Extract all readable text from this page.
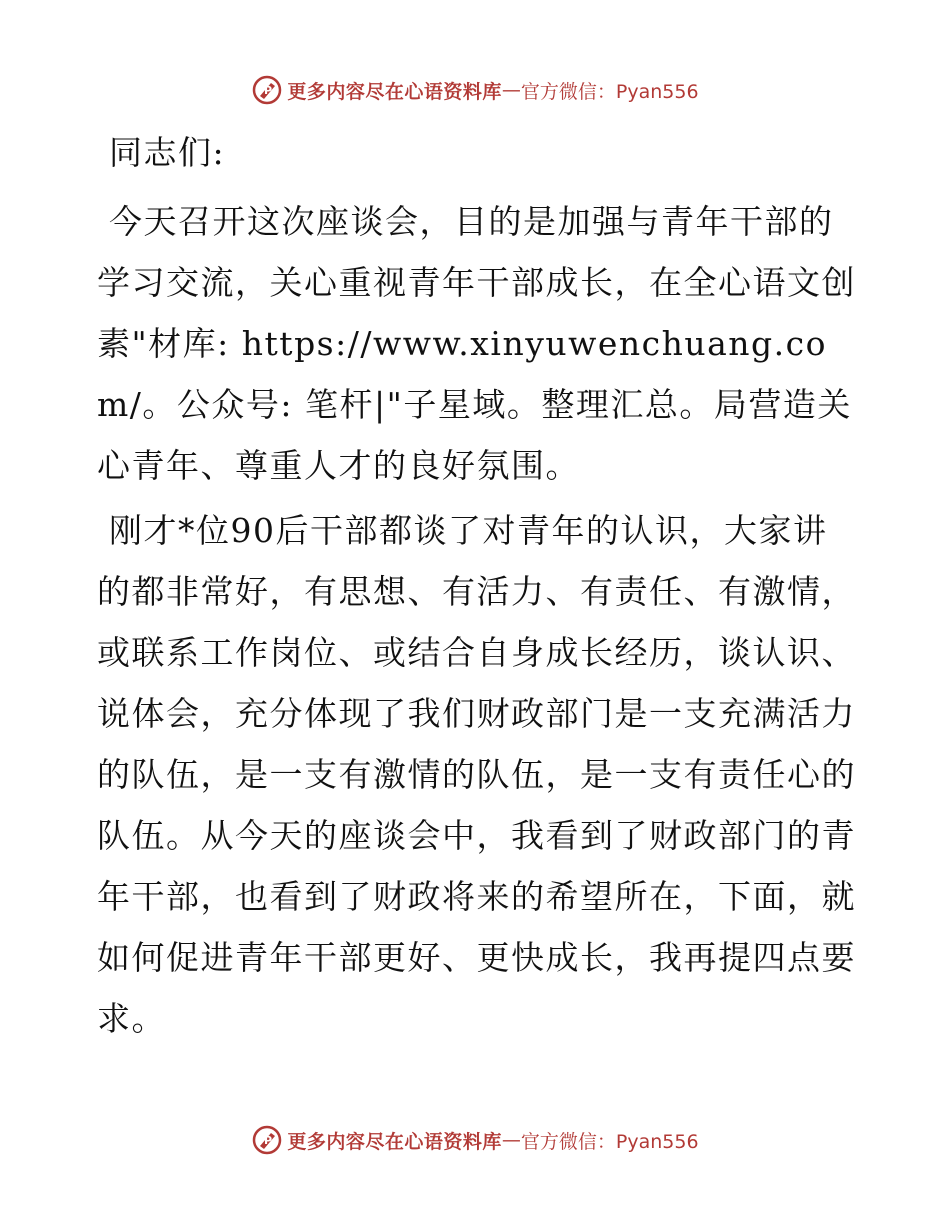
P 更多内容尽在心语资料库 — 官方微信：Pyan556

同志们:

今天召开这次座谈会，目的是加强与青年干部的学习交流，关心重视青年干部成长，在全心语文创素"材库: https://www.xinyuwenchuang.com/。公众号: 笔杆|"子星域。整理汇总。局营造关心青年、尊重人才的良好氛围。

刚才*位90后干部都谈了对青年的认识，大家讲的都非常好，有思想、有活力、有责任、有激情，或联系工作岗位、或结合自身成长经历，谈认识、说体会，充分体现了我们财政部门是一支充满活力的队伍，是一支有激情的队伍，是一支有责任心的队伍。从今天的座谈会中，我看到了财政部门的青年干部，也看到了财政将来的希望所在，下面，就如何促进青年干部更好、更快成长，我再提四点要求。

P 更多内容尽在心语资料库 — 官方微信：Pyan556
